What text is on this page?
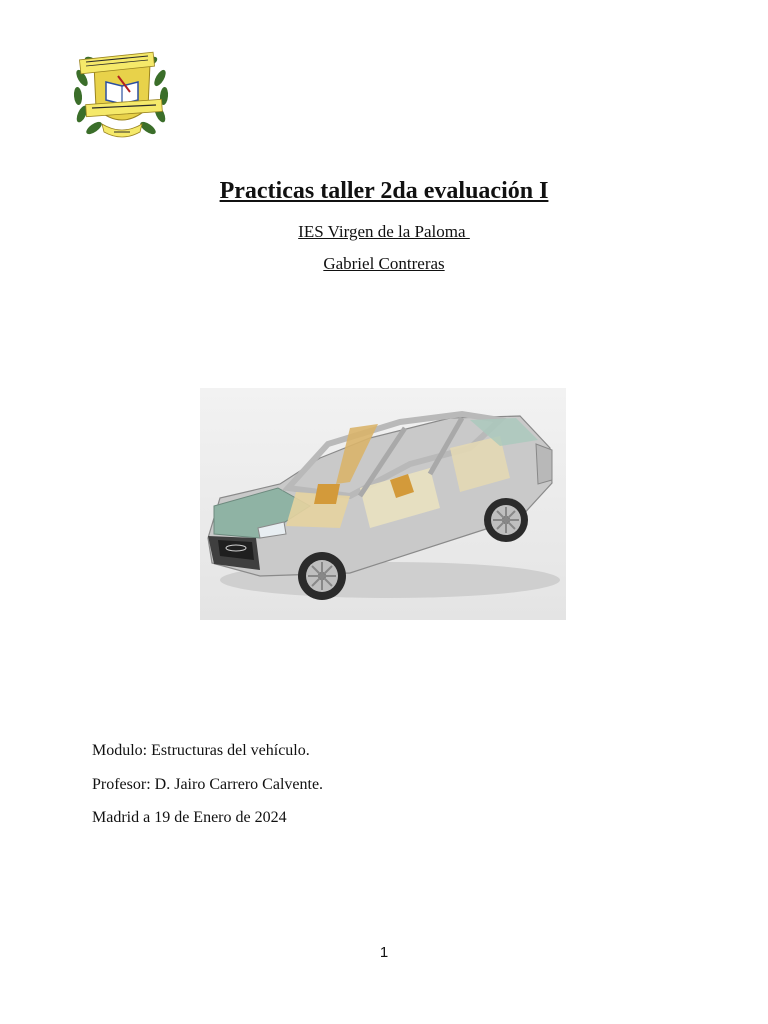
Practicas taller 2da evaluación I

IES Virgen de la Paloma

Gabriel Contreras

Modulo: Estructuras del vehículo.
Profesor: D. Jairo Carrero Calvente.
Madrid a 19 de Enero de 2024
1
